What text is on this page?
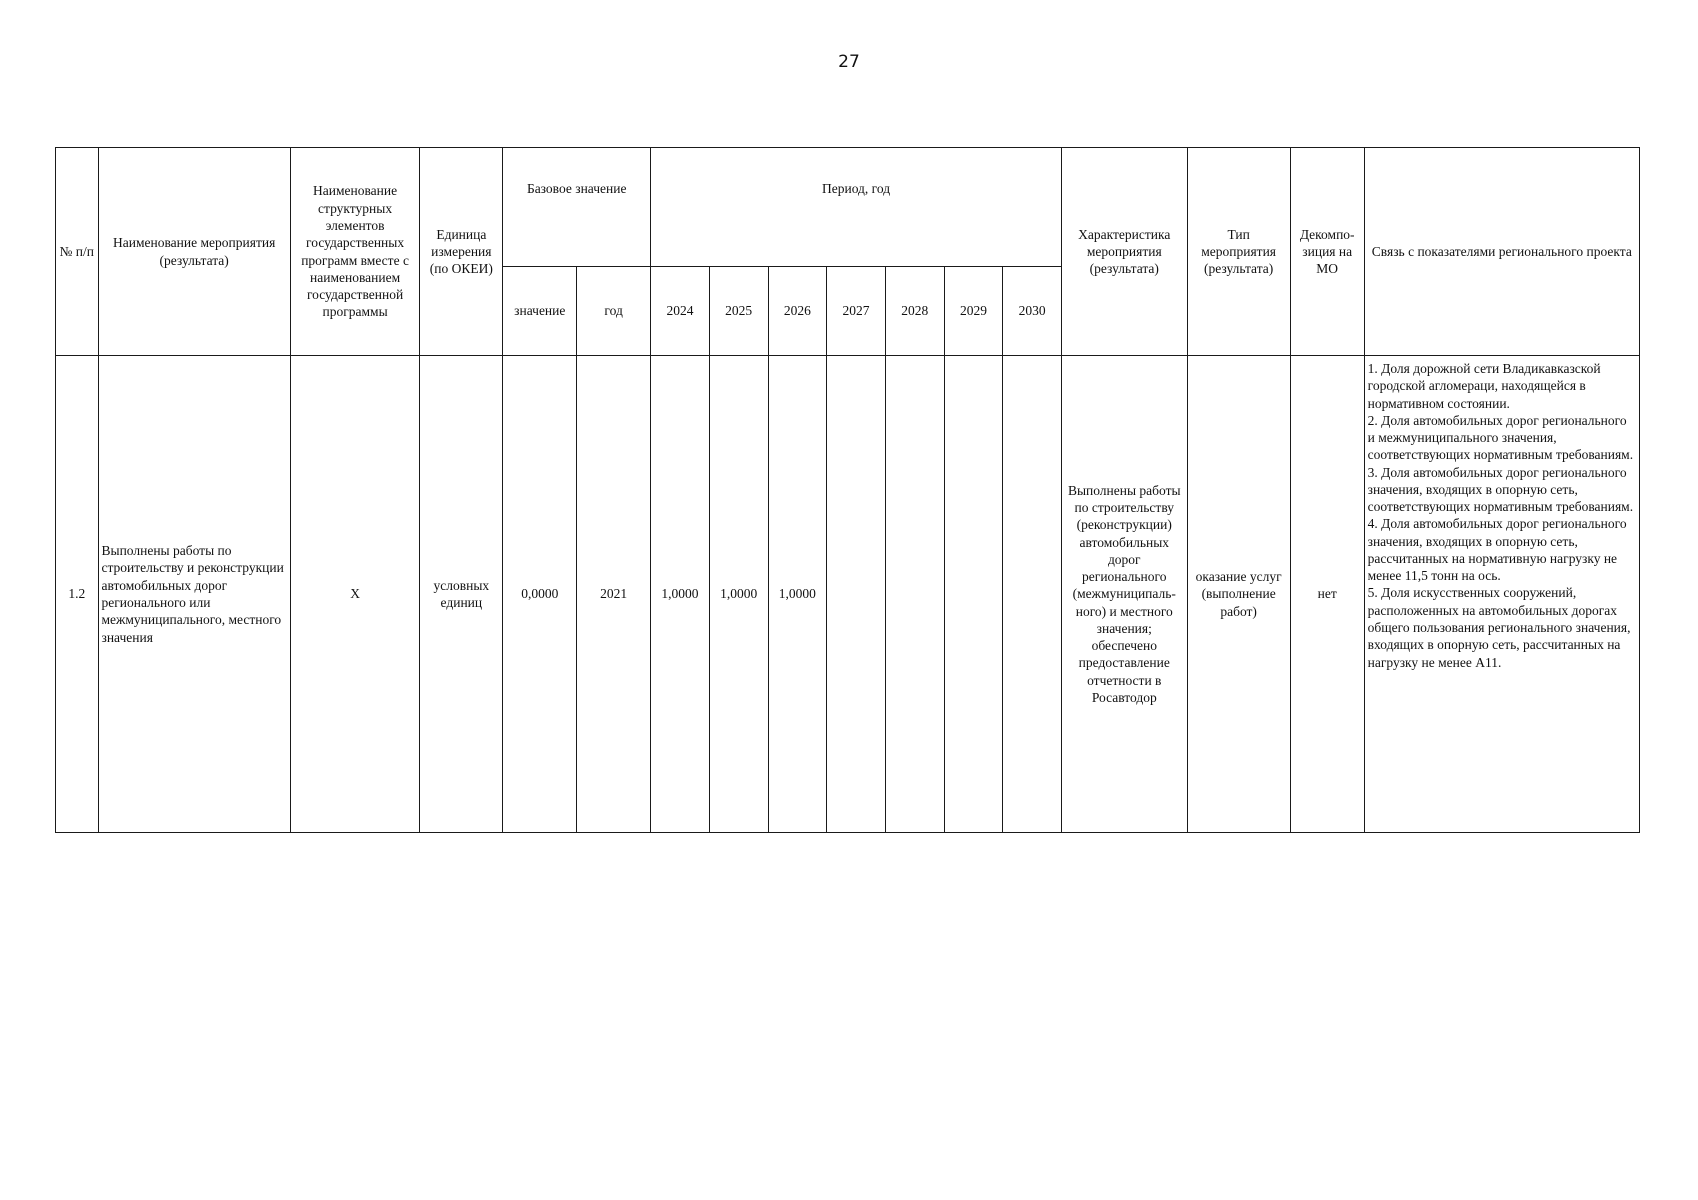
27
№ п/п	Наименование мероприятия (результата)	Наименование структурных элементов государственных программ вместе с наименованием государственной программы	Единица измерения (по ОКЕИ)	Базовое значение		Период, год							Характеристика мероприятия (результата)	Тип мероприятия (результата)	Декомпо-зиция на МО	Связь с показателями регионального проекта
				значение	год	2024	2025	2026	2027	2028	2029	2030				
1.2	Выполнены работы по строительству и реконструкции автомобильных дорог регионального или межмуниципального, местного значения	X	условных единиц	0,0000	2021	1,0000	1,0000	1,0000					Выполнены работы по строительству (реконструкции) автомобильных дорог регионального (межмуниципаль-ного) и местного значения; обеспечено предоставление отчетности в Росавтодор	оказание услуг (выполнение работ)	нет	1. Доля дорожной сети Владикавказской городской агломераци, находящейся в нормативном состоянии.
2. Доля автомобильных дорог регионального и межмуниципального значения, соответствующих нормативным требованиям.
3. Доля автомобильных дорог регионального значения, входящих в опорную сеть, соответствующих нормативным требованиям.
4. Доля автомобильных дорог регионального значения, входящих в опорную сеть, рассчитанных на нормативную нагрузку не менее 11,5 тонн на ось.
5. Доля искусственных сооружений, расположенных на автомобильных дорогах общего пользования регионального значения, входящих в опорную сеть, рассчитанных на нагрузку не менее А11.
